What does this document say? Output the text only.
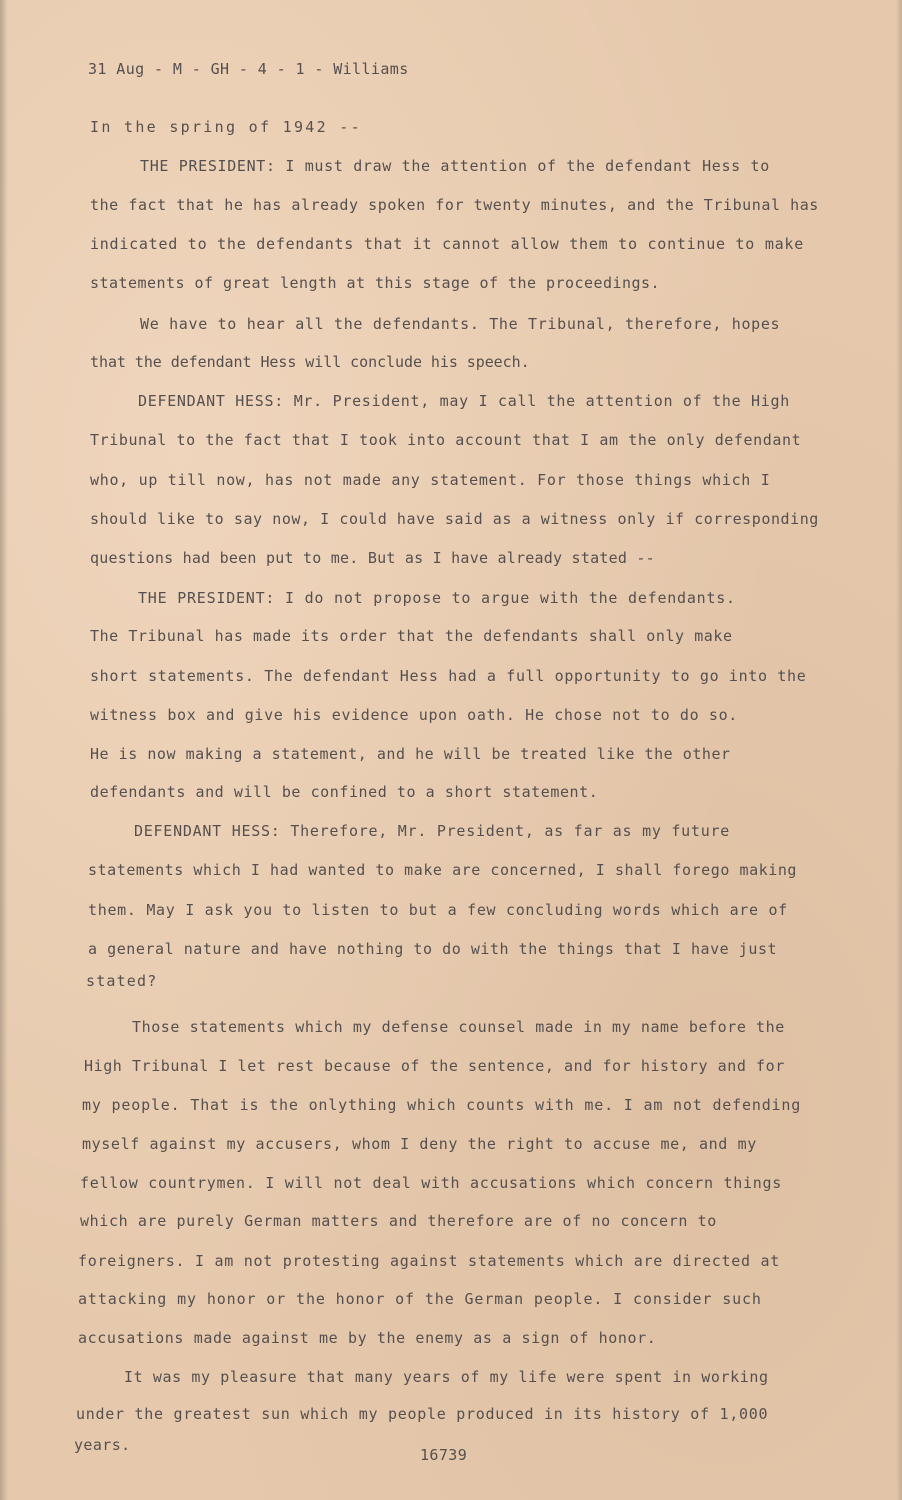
31 Aug - M - GH - 4 - 1 - Williams
In the spring of 1942 --
THE PRESIDENT: I must draw the attention of the defendant Hess to
the fact that he has already spoken for twenty minutes, and the Tribunal has
indicated to the defendants that it cannot allow them to continue to make
statements of great length at this stage of the proceedings.
We have to hear all the defendants. The Tribunal, therefore, hopes
that the defendant Hess will conclude his speech.
DEFENDANT HESS: Mr. President, may I call the attention of the High
Tribunal to the fact that I took into account that I am the only defendant
who, up till now, has not made any statement. For those things which I
should like to say now, I could have said as a witness only if corresponding
questions had been put to me. But as I have already stated --
THE PRESIDENT: I do not propose to argue with the defendants.
The Tribunal has made its order that the defendants shall only make
short statements. The defendant Hess had a full opportunity to go into the
witness box and give his evidence upon oath. He chose not to do so.
He is now making a statement, and he will be treated like the other
defendants and will be confined to a short statement.
DEFENDANT HESS: Therefore, Mr. President, as far as my future
statements which I had wanted to make are concerned, I shall forego making
them. May I ask you to listen to but a few concluding words which are of
a general nature and have nothing to do with the things that I have just
stated?
Those statements which my defense counsel made in my name before the
High Tribunal I let rest because of the sentence, and for history and for
my people. That is the onlything which counts with me. I am not defending
myself against my accusers, whom I deny the right to accuse me, and my
fellow countrymen. I will not deal with accusations which concern things
which are purely German matters and therefore are of no concern to
foreigners. I am not protesting against statements which are directed at
attacking my honor or the honor of the German people. I consider such
accusations made against me by the enemy as a sign of honor.
It was my pleasure that many years of my life were spent in working
under the greatest sun which my people produced in its history of 1,000
years.
16739
